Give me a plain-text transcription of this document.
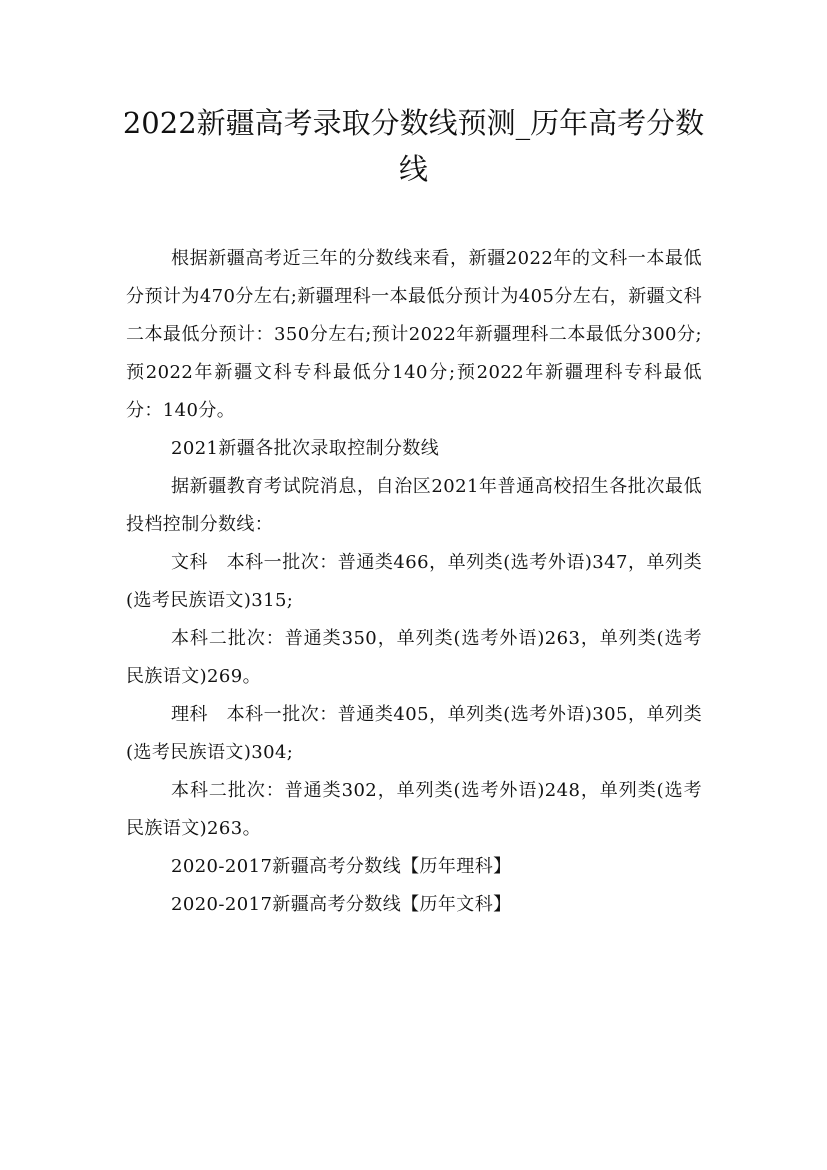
2022新疆高考录取分数线预测_历年高考分数线

根据新疆高考近三年的分数线来看，新疆2022年的文科一本最低分预计为470分左右;新疆理科一本最低分预计为405分左右，新疆文科二本最低分预计：350分左右;预计2022年新疆理科二本最低分300分;预2022年新疆文科专科最低分140分;预2022年新疆理科专科最低分：140分。

2021新疆各批次录取控制分数线

据新疆教育考试院消息，自治区2021年普通高校招生各批次最低投档控制分数线：

文科　本科一批次：普通类466，单列类(选考外语)347，单列类(选考民族语文)315;

本科二批次：普通类350，单列类(选考外语)263，单列类(选考民族语文)269。

理科　本科一批次：普通类405，单列类(选考外语)305，单列类(选考民族语文)304;

本科二批次：普通类302，单列类(选考外语)248，单列类(选考民族语文)263。

2020-2017新疆高考分数线【历年理科】

2020-2017新疆高考分数线【历年文科】
